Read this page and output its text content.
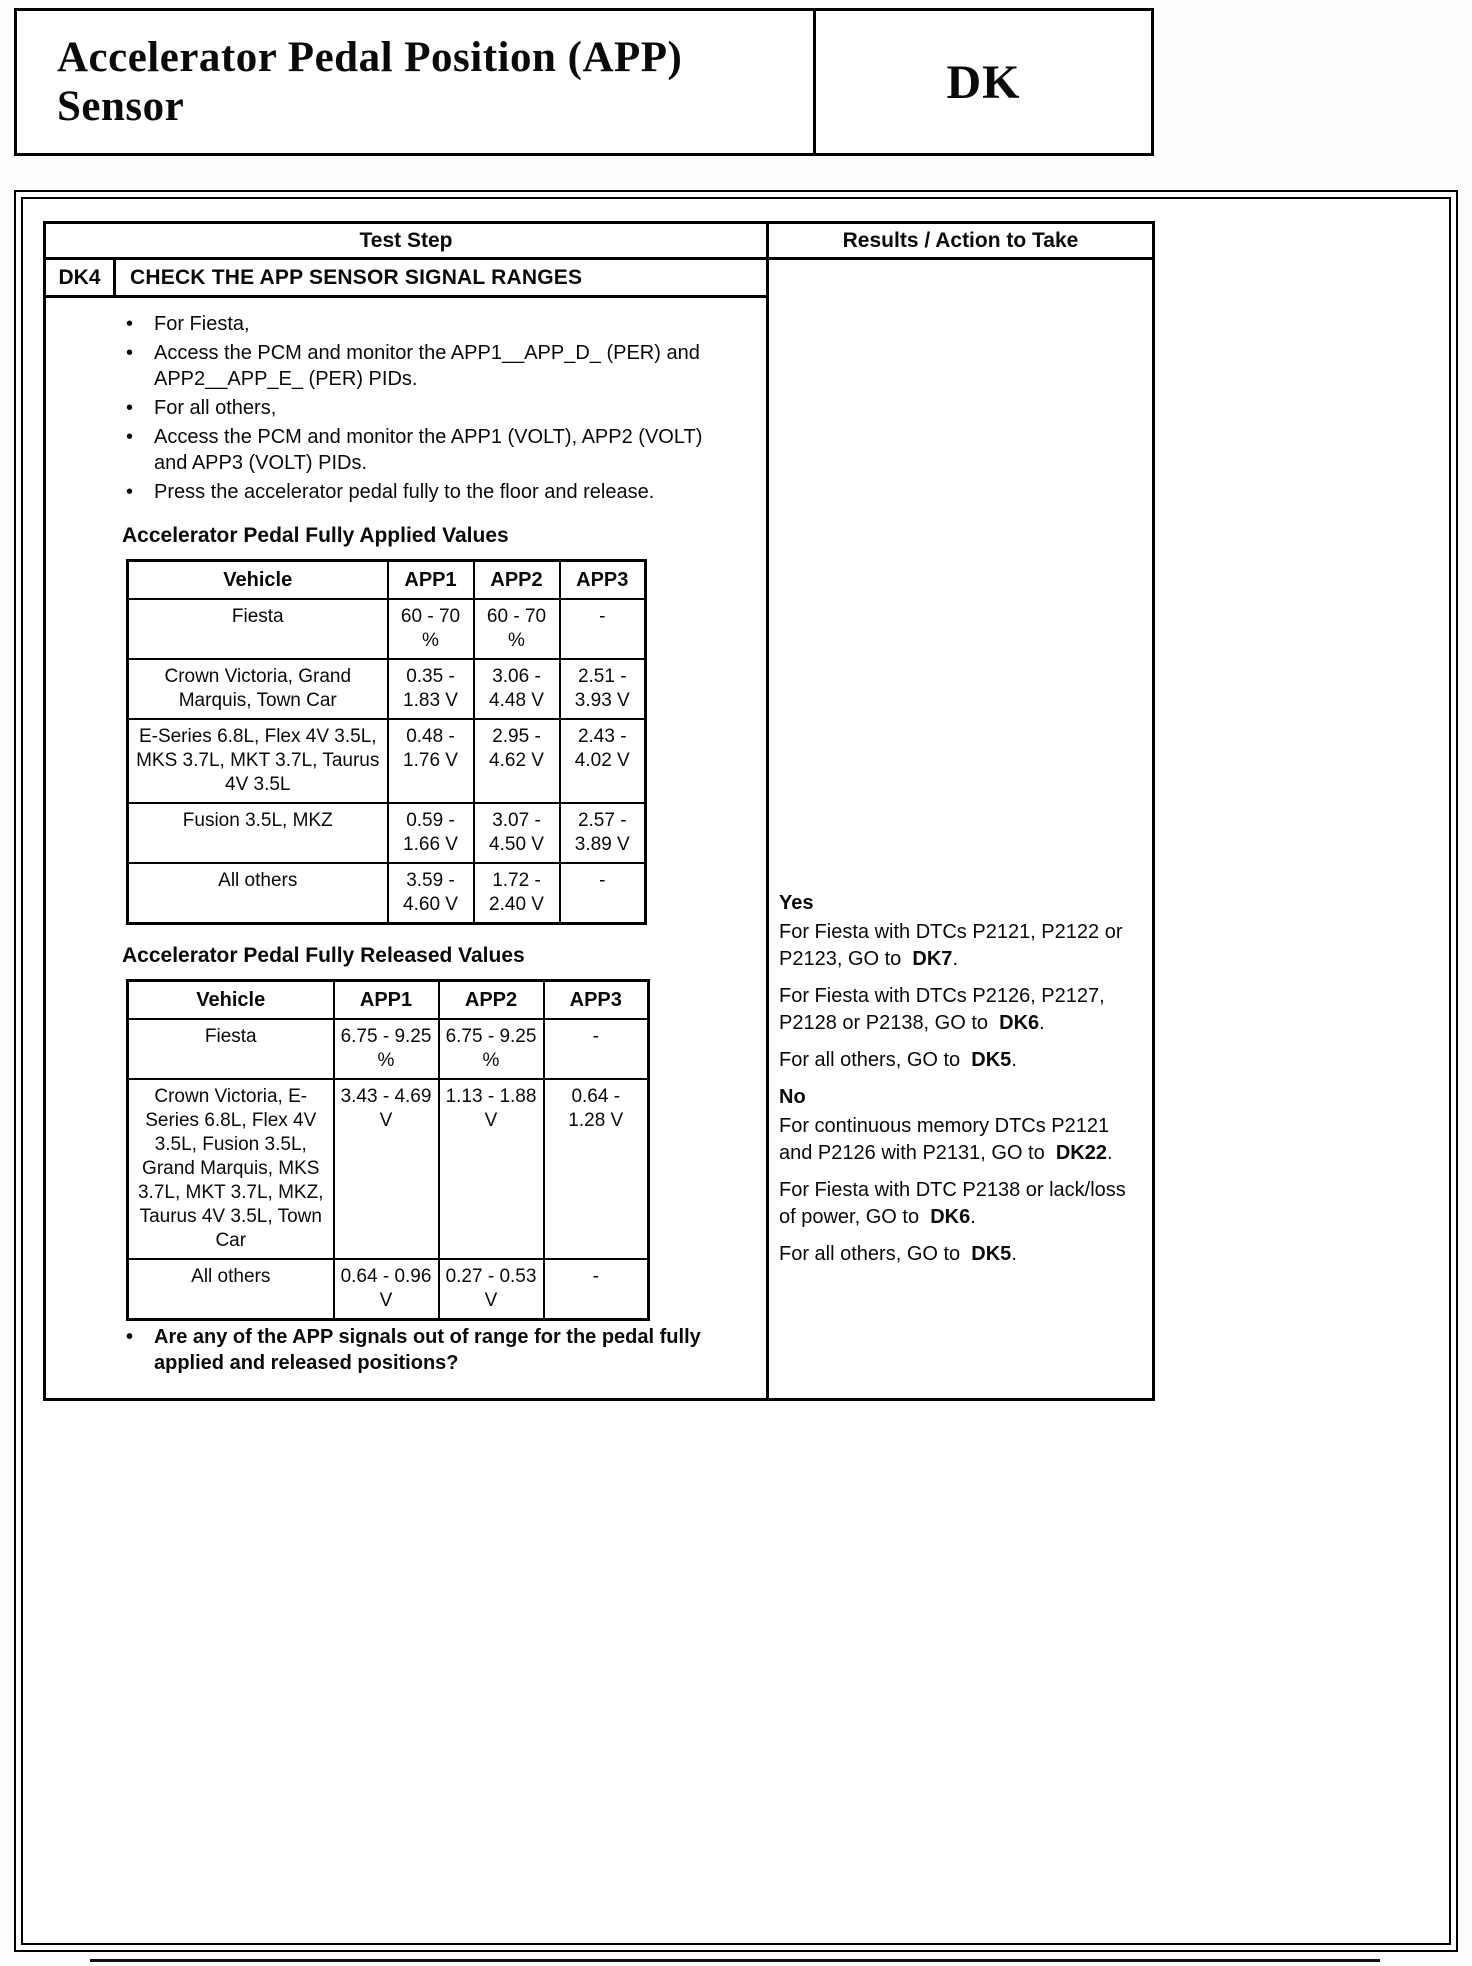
Accelerator Pedal Position (APP) Sensor	DK
Test Step
DK4	CHECK THE APP SENSOR SIGNAL RANGES
• For Fiesta,
• Access the PCM and monitor the APP1__APP_D_ (PER) and APP2__APP_E_ (PER) PIDs.
• For all others,
• Access the PCM and monitor the APP1 (VOLT), APP2 (VOLT) and APP3 (VOLT) PIDs.
• Press the accelerator pedal fully to the floor and release.
Accelerator Pedal Fully Applied Values
Vehicle	APP1	APP2	APP3
Fiesta	60 - 70 %	60 - 70 %	-
Crown Victoria, Grand Marquis, Town Car	0.35 - 1.83 V	3.06 - 4.48 V	2.51 - 3.93 V
E-Series 6.8L, Flex 4V 3.5L, MKS 3.7L, MKT 3.7L, Taurus 4V 3.5L	0.48 - 1.76 V	2.95 - 4.62 V	2.43 - 4.02 V
Fusion 3.5L, MKZ	0.59 - 1.66 V	3.07 - 4.50 V	2.57 - 3.89 V
All others	3.59 - 4.60 V	1.72 - 2.40 V	-
Accelerator Pedal Fully Released Values
Vehicle	APP1	APP2	APP3
Fiesta	6.75 - 9.25 %	6.75 - 9.25 %	-
Crown Victoria, E-Series 6.8L, Flex 4V 3.5L, Fusion 3.5L, Grand Marquis, MKS 3.7L, MKT 3.7L, MKZ, Taurus 4V 3.5L, Town Car	3.43 - 4.69 V	1.13 - 1.88 V	0.64 - 1.28 V
All others	0.64 - 0.96 V	0.27 - 0.53 V	-
• Are any of the APP signals out of range for the pedal fully applied and released positions?
Results / Action to Take

Yes

For Fiesta with DTCs P2121, P2122 or P2123, GO to DK7.

For Fiesta with DTCs P2126, P2127, P2128 or P2138, GO to DK6.

For all others, GO to DK5.

No

For continuous memory DTCs P2121 and P2126 with P2131, GO to DK22.

For Fiesta with DTC P2138 or lack/loss of power, GO to DK6.

For all others, GO to DK5.
